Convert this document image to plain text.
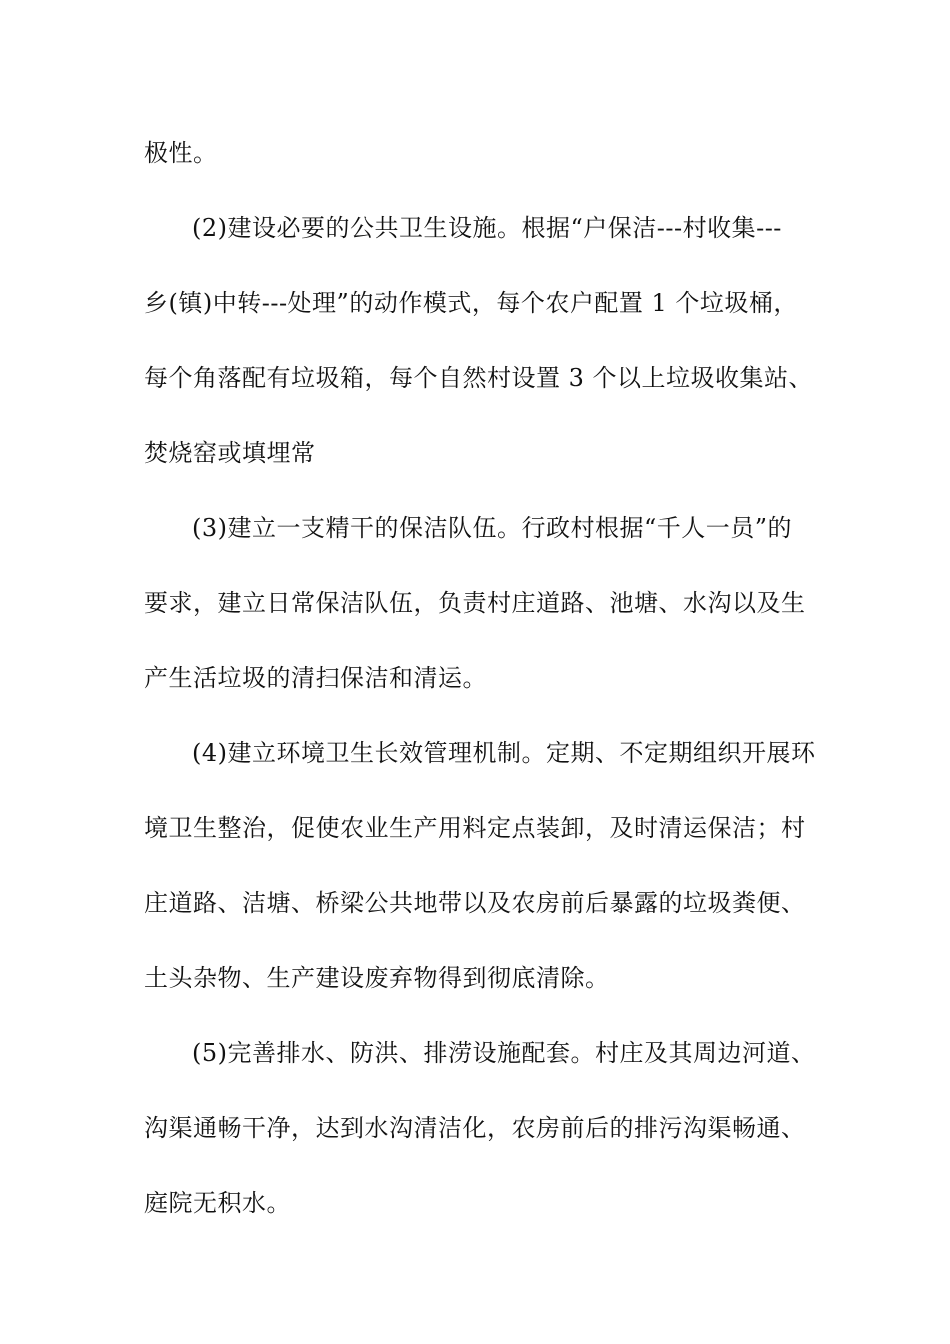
极性。
(2)建设必要的公共卫生设施。根据“户保洁---村收集---
乡(镇)中转---处理”的动作模式，每个农户配置 1 个垃圾桶，
每个角落配有垃圾箱，每个自然村设置 3 个以上垃圾收集站、
焚烧窑或填埋常
(3)建立一支精干的保洁队伍。行政村根据“千人一员”的
要求，建立日常保洁队伍，负责村庄道路、池塘、水沟以及生
产生活垃圾的清扫保洁和清运。
(4)建立环境卫生长效管理机制。定期、不定期组织开展环
境卫生整治，促使农业生产用料定点装卸，及时清运保洁；村
庄道路、洁塘、桥梁公共地带以及农房前后暴露的垃圾粪便、
土头杂物、生产建设废弃物得到彻底清除。
(5)完善排水、防洪、排涝设施配套。村庄及其周边河道、
沟渠通畅干净，达到水沟清洁化，农房前后的排污沟渠畅通、
庭院无积水。
